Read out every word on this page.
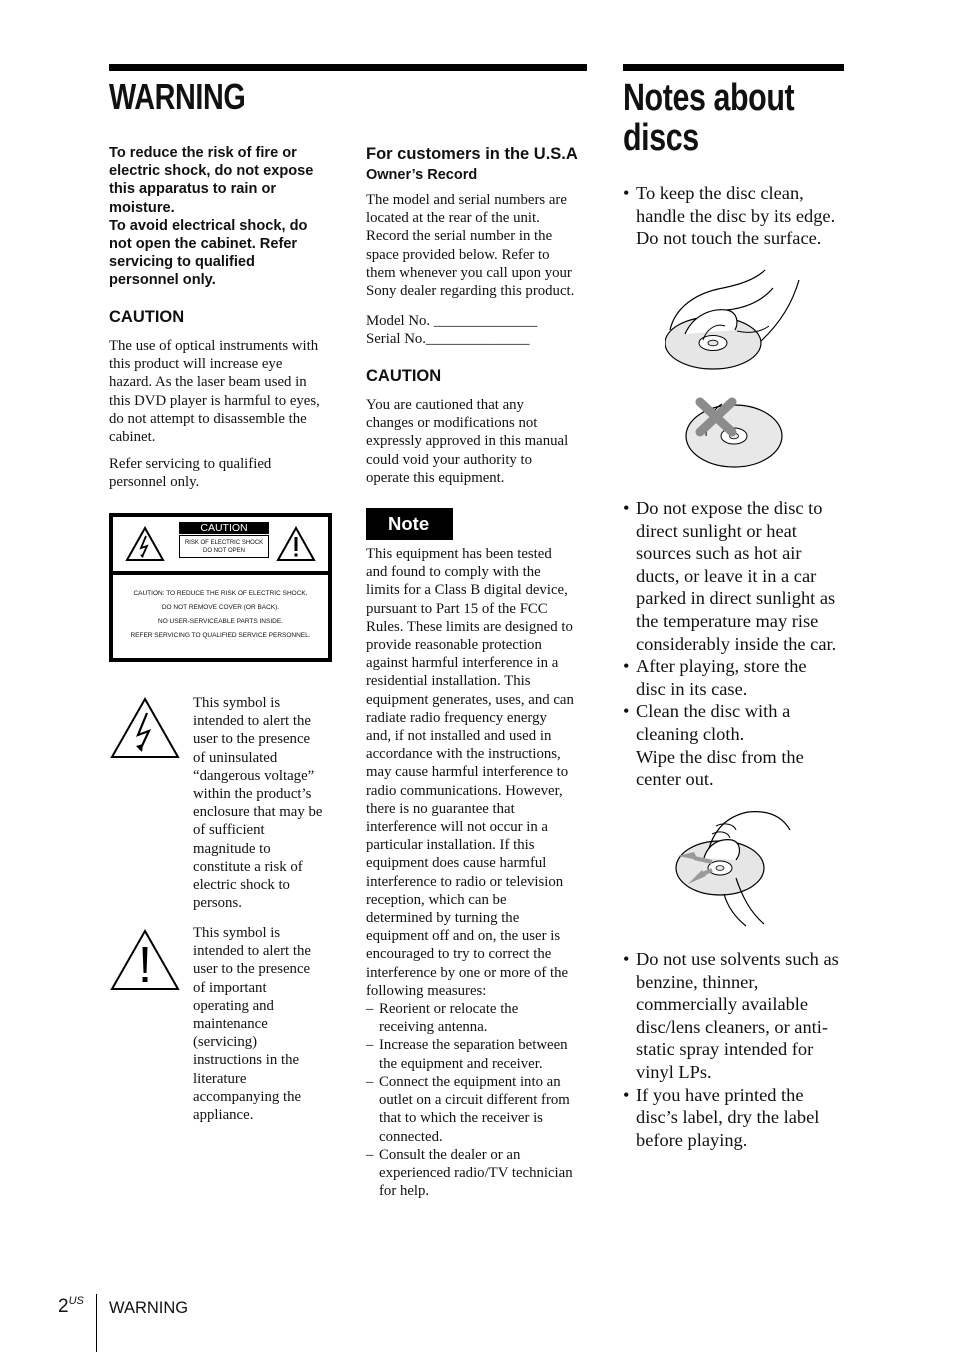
WARNING

To reduce the risk of fire or

electric shock, do not expose

this apparatus to rain or

moisture.

To avoid electrical shock, do

not open the cabinet. Refer

servicing to qualified

personnel only.

CAUTION

The use of optical instruments with
this product will increase eye
hazard. As the laser beam used in
this DVD player is harmful to eyes,
do not attempt to disassemble the
cabinet.
Refer servicing to qualified
personnel only.
CAUTION
RISK OF ELECTRIC SHOCK
DO NOT OPEN
CAUTION: TO REDUCE THE RISK OF ELECTRIC SHOCK,
DO NOT REMOVE COVER (OR BACK).
NO USER-SERVICEABLE PARTS INSIDE.
REFER SERVICING TO QUALIFIED SERVICE PERSONNEL.
This symbol is
intended to alert the
user to the presence
of uninsulated
“dangerous voltage”
within the product’s
enclosure that may be
of sufficient
magnitude to
constitute a risk of
electric shock to
persons.
This symbol is
intended to alert the
user to the presence
of important
operating and
maintenance
(servicing)
instructions in the
literature
accompanying the
appliance.

For customers in the U.S.A

Owner’s Record

The model and serial numbers are
located at the rear of the unit.
Record the serial number in the
space provided below. Refer to
them whenever you call upon your
Sony dealer regarding this product.

Model No. ______________

Serial No.______________

CAUTION

You are cautioned that any
changes or modifications not
expressly approved in this manual
could void your authority to
operate this equipment.
Note
This equipment has been tested
and found to comply with the
limits for a Class B digital device,
pursuant to Part 15 of the FCC
Rules. These limits are designed to
provide reasonable protection
against harmful interference in a
residential installation. This
equipment generates, uses, and can
radiate radio frequency energy
and, if not installed and used in
accordance with the instructions,
may cause harmful interference to
radio communications. However,
there is no guarantee that
interference will not occur in a
particular installation. If this
equipment does cause harmful
interference to radio or television
reception, which can be
determined by turning the
equipment off and on, the user is
encouraged to try to correct the
interference by one or more of the
following measures:
– Reorient or relocate the
receiving antenna.
– Increase the separation between
the equipment and receiver.
– Connect the equipment into an
outlet on a circuit different from
that to which the receiver is
connected.
– Consult the dealer or an
experienced radio/TV technician
for help.
Notes about
discs
• To keep the disc clean,
handle the disc by its edge.
Do not touch the surface.
• Do not expose the disc to
direct sunlight or heat
sources such as hot air
ducts, or leave it in a car
parked in direct sunlight as
the temperature may rise
considerably inside the car.
• After playing, store the
disc in its case.
• Clean the disc with a
cleaning cloth.
Wipe the disc from the
center out.
• Do not use solvents such as
benzine, thinner,
commercially available
disc/lens cleaners, or anti-
static spray intended for
vinyl LPs.
• If you have printed the
disc’s label, dry the label
before playing.
2$^{US}$ WARNING
